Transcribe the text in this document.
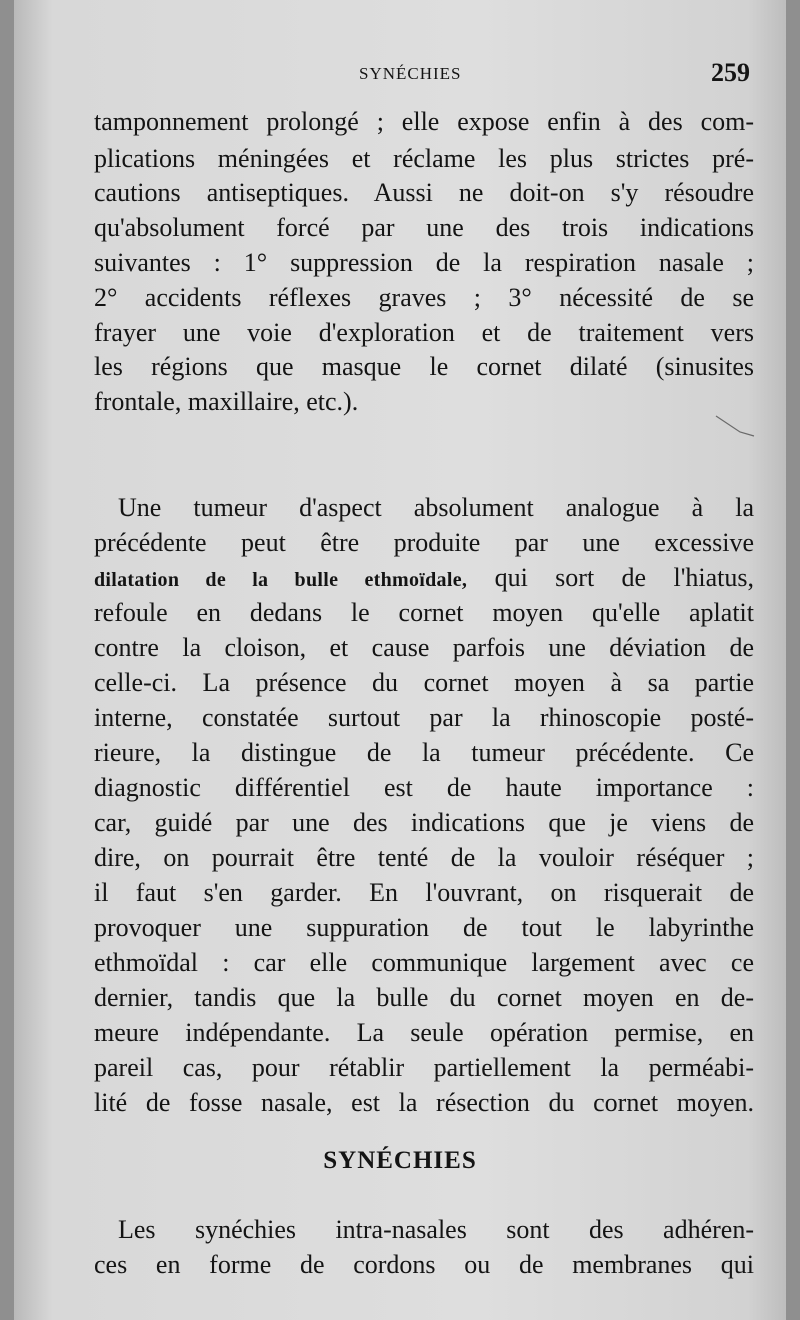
SYNÉCHIES	259
tamponnement prolongé ; elle expose enfin à des com-
plications méningées et réclame les plus strictes pré-
cautions antiseptiques. Aussi ne doit-on s'y résoudre
qu'absolument forcé par une des trois indications
suivantes : 1° suppression de la respiration nasale ;
2° accidents réflexes graves ; 3° nécessité de se
frayer une voie d'exploration et de traitement vers
les régions que masque le cornet dilaté (sinusites
frontale, maxillaire, etc.).
Une tumeur d'aspect absolument analogue à la
précédente peut être produite par une excessive
dilatation de la bulle ethmoïdale, qui sort de l'hiatus,
refoule en dedans le cornet moyen qu'elle aplatit
contre la cloison, et cause parfois une déviation de
celle-ci. La présence du cornet moyen à sa partie
interne, constatée surtout par la rhinoscopie posté-
rieure, la distingue de la tumeur précédente. Ce
diagnostic différentiel est de haute importance :
car, guidé par une des indications que je viens de
dire, on pourrait être tenté de la vouloir réséquer ;
il faut s'en garder. En l'ouvrant, on risquerait de
provoquer une suppuration de tout le labyrinthe
ethmoïdal : car elle communique largement avec ce
dernier, tandis que la bulle du cornet moyen en de-
meure indépendante. La seule opération permise, en
pareil cas, pour rétablir partiellement la perméabi-
lité de fosse nasale, est la résection du cornet moyen.
SYNÉCHIES
Les synéchies intra-nasales sont des adhéren-
ces en forme de cordons ou de membranes qui
